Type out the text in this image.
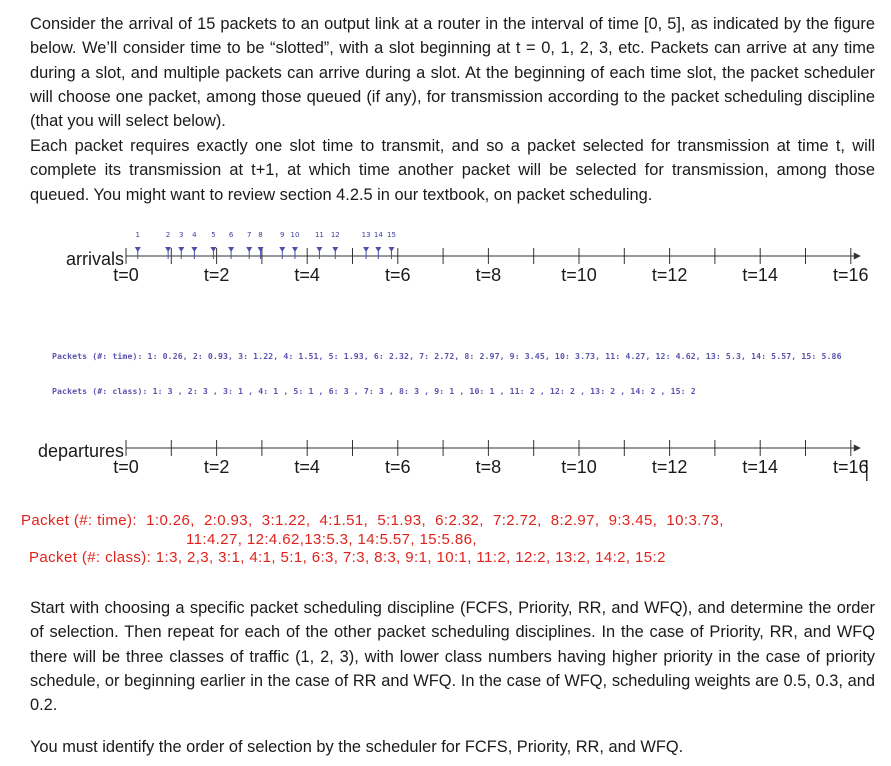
Consider the arrival of 15 packets to an output link at a router in the interval of time [0, 5], as indicated by the figure below. We’ll consider time to be “slotted”, with a slot beginning at t = 0, 1, 2, 3, etc. Packets can arrive at any time during a slot, and multiple packets can arrive during a slot. At the beginning of each time slot, the packet scheduler will choose one packet, among those queued (if any), for transmission according to the packet scheduling discipline (that you will select below).
Each packet requires exactly one slot time to transmit, and so a packet selected for transmission at time t, will complete its transmission at t+1, at which time another packet will be selected for transmission, among those queued. You might want to review section 4.2.5 in our textbook, on packet scheduling.
arrivals
t=0	t=2	t=4	t=6	t=8	t=10	t=12	t=14	t=16
1	2 3 4 5 6 7 8 9 10 11 12	13 14 15
departures
t=0	t=2	t=4	t=6	t=8	t=10	t=12	t=14	t=16
Packets (#: time): 1: 0.26, 2: 0.93, 3: 1.22, 4: 1.51, 5: 1.93, 6: 2.32, 7: 2.72, 8: 2.97, 9: 3.45, 10: 3.73, 11: 4.27, 12: 4.62, 13: 5.3, 14: 5.57, 15: 5.86
Packets (#: class): 1: 3 , 2: 3 , 3: 1 , 4: 1 , 5: 1 , 6: 3 , 7: 3 , 8: 3 , 9: 1 , 10: 1 , 11: 2 , 12: 2 , 13: 2 , 14: 2 , 15: 2
Packet (#: time):  1:0.26,  2:0.93,  3:1.22,  4:1.51,  5:1.93,  6:2.32,  7:2.72,  8:2.97,  9:3.45,  10:3.73,
11:4.27, 12:4.62,13:5.3, 14:5.57, 15:5.86,
Packet (#: class): 1:3, 2,3, 3:1, 4:1, 5:1, 6:3, 7:3, 8:3, 9:1, 10:1, 11:2, 12:2, 13:2, 14:2, 15:2
Start with choosing a specific packet scheduling discipline (FCFS, Priority, RR, and WFQ), and determine the order of selection. Then repeat for each of the other packet scheduling disciplines. In the case of Priority, RR, and WFQ there will be three classes of traffic (1, 2, 3), with lower class numbers having higher priority in the case of priority schedule, or beginning earlier in the case of RR and WFQ. In the case of WFQ, scheduling weights are 0.5, 0.3, and 0.2.
You must identify the order of selection by the scheduler for FCFS, Priority, RR, and WFQ.
